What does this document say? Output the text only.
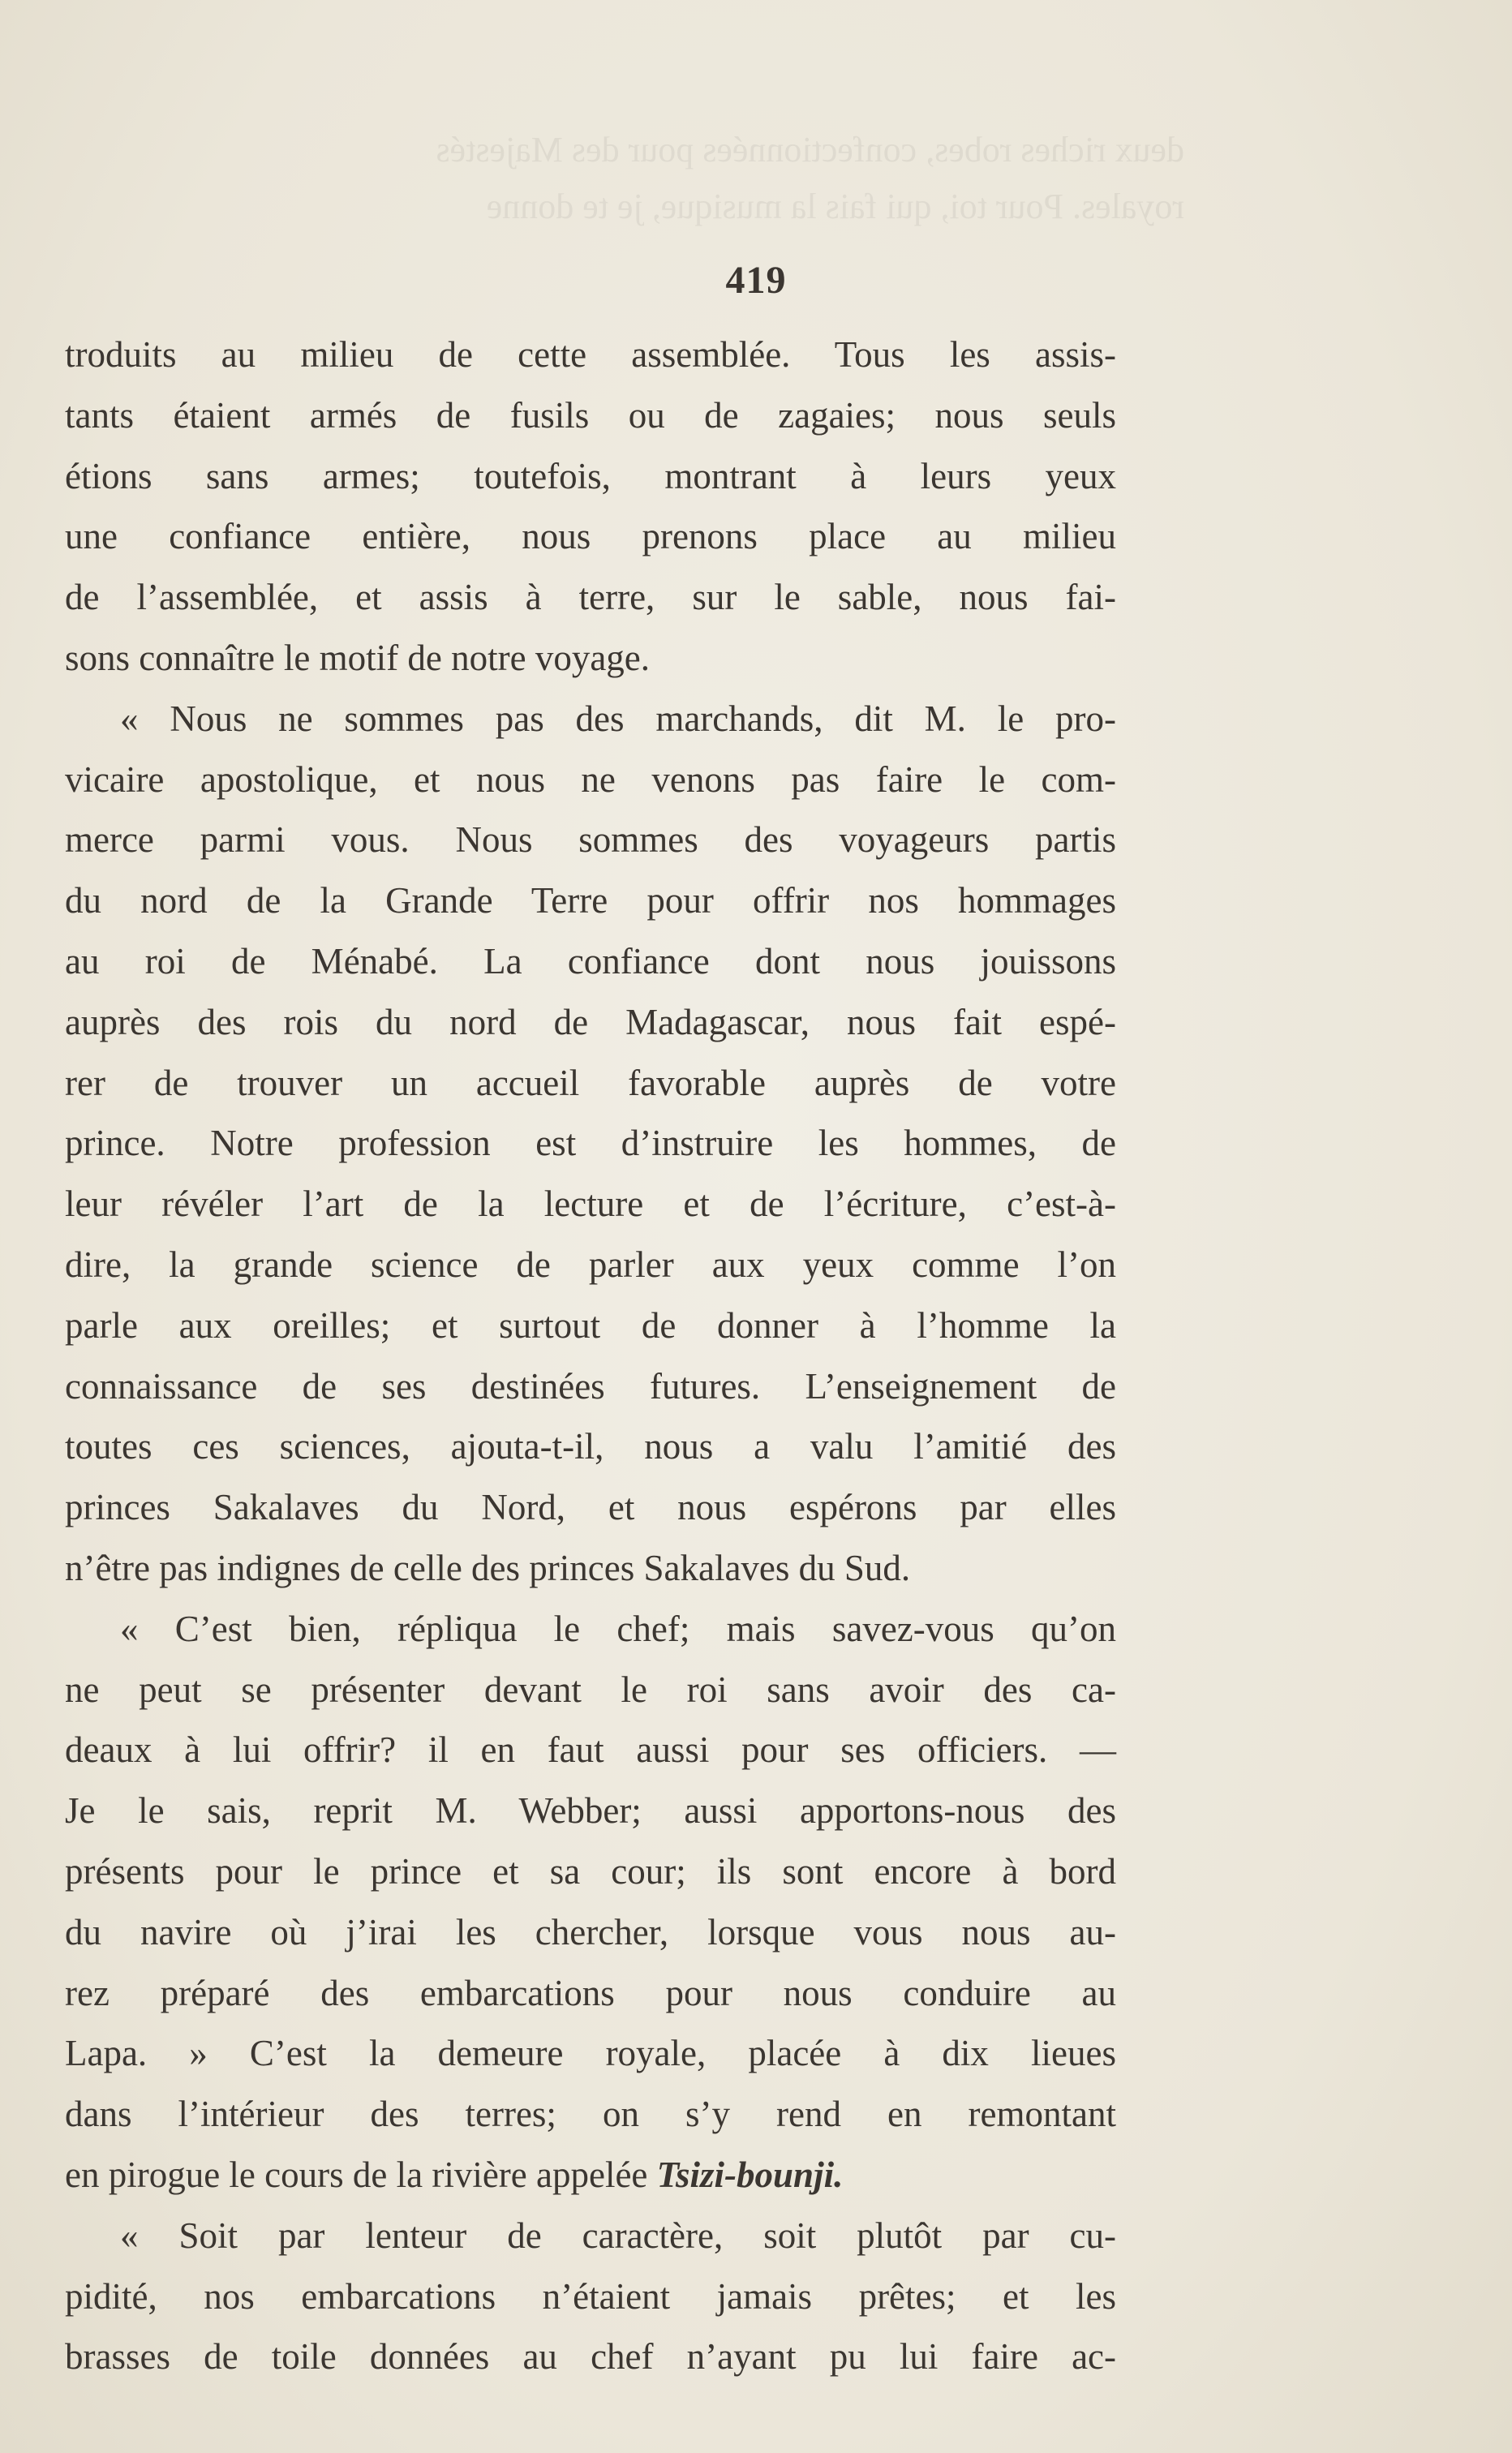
deux riches robes, confectionnées pour des Majestés
royales. Pour toi, qui fais la musique, je te donne
419
troduits au milieu de cette assemblée. Tous les assis-
tants étaient armés de fusils ou de zagaies; nous seuls
étions sans armes; toutefois, montrant à leurs yeux
une confiance entière, nous prenons place au milieu
de l’assemblée, et assis à terre, sur le sable, nous fai-
sons connaître le motif de notre voyage.
« Nous ne sommes pas des marchands, dit M. le pro-
vicaire apostolique, et nous ne venons pas faire le com-
merce parmi vous. Nous sommes des voyageurs partis
du nord de la Grande Terre pour offrir nos hommages
au roi de Ménabé. La confiance dont nous jouissons
auprès des rois du nord de Madagascar, nous fait espé-
rer de trouver un accueil favorable auprès de votre
prince. Notre profession est d’instruire les hommes, de
leur révéler l’art de la lecture et de l’écriture, c’est-à-
dire, la grande science de parler aux yeux comme l’on
parle aux oreilles; et surtout de donner à l’homme la
connaissance de ses destinées futures. L’enseignement de
toutes ces sciences, ajouta-t-il, nous a valu l’amitié des
princes Sakalaves du Nord, et nous espérons par elles
n’être pas indignes de celle des princes Sakalaves du Sud.
« C’est bien, répliqua le chef; mais savez-vous qu’on
ne peut se présenter devant le roi sans avoir des ca-
deaux à lui offrir? il en faut aussi pour ses officiers. —
Je le sais, reprit M. Webber; aussi apportons-nous des
présents pour le prince et sa cour; ils sont encore à bord
du navire où j’irai les chercher, lorsque vous nous au-
rez préparé des embarcations pour nous conduire au
Lapa. » C’est la demeure royale, placée à dix lieues
dans l’intérieur des terres; on s’y rend en remontant
en pirogue le cours de la rivière appelée Tsizi-bounji.
« Soit par lenteur de caractère, soit plutôt par cu-
pidité, nos embarcations n’étaient jamais prêtes; et les
brasses de toile données au chef n’ayant pu lui faire ac-
